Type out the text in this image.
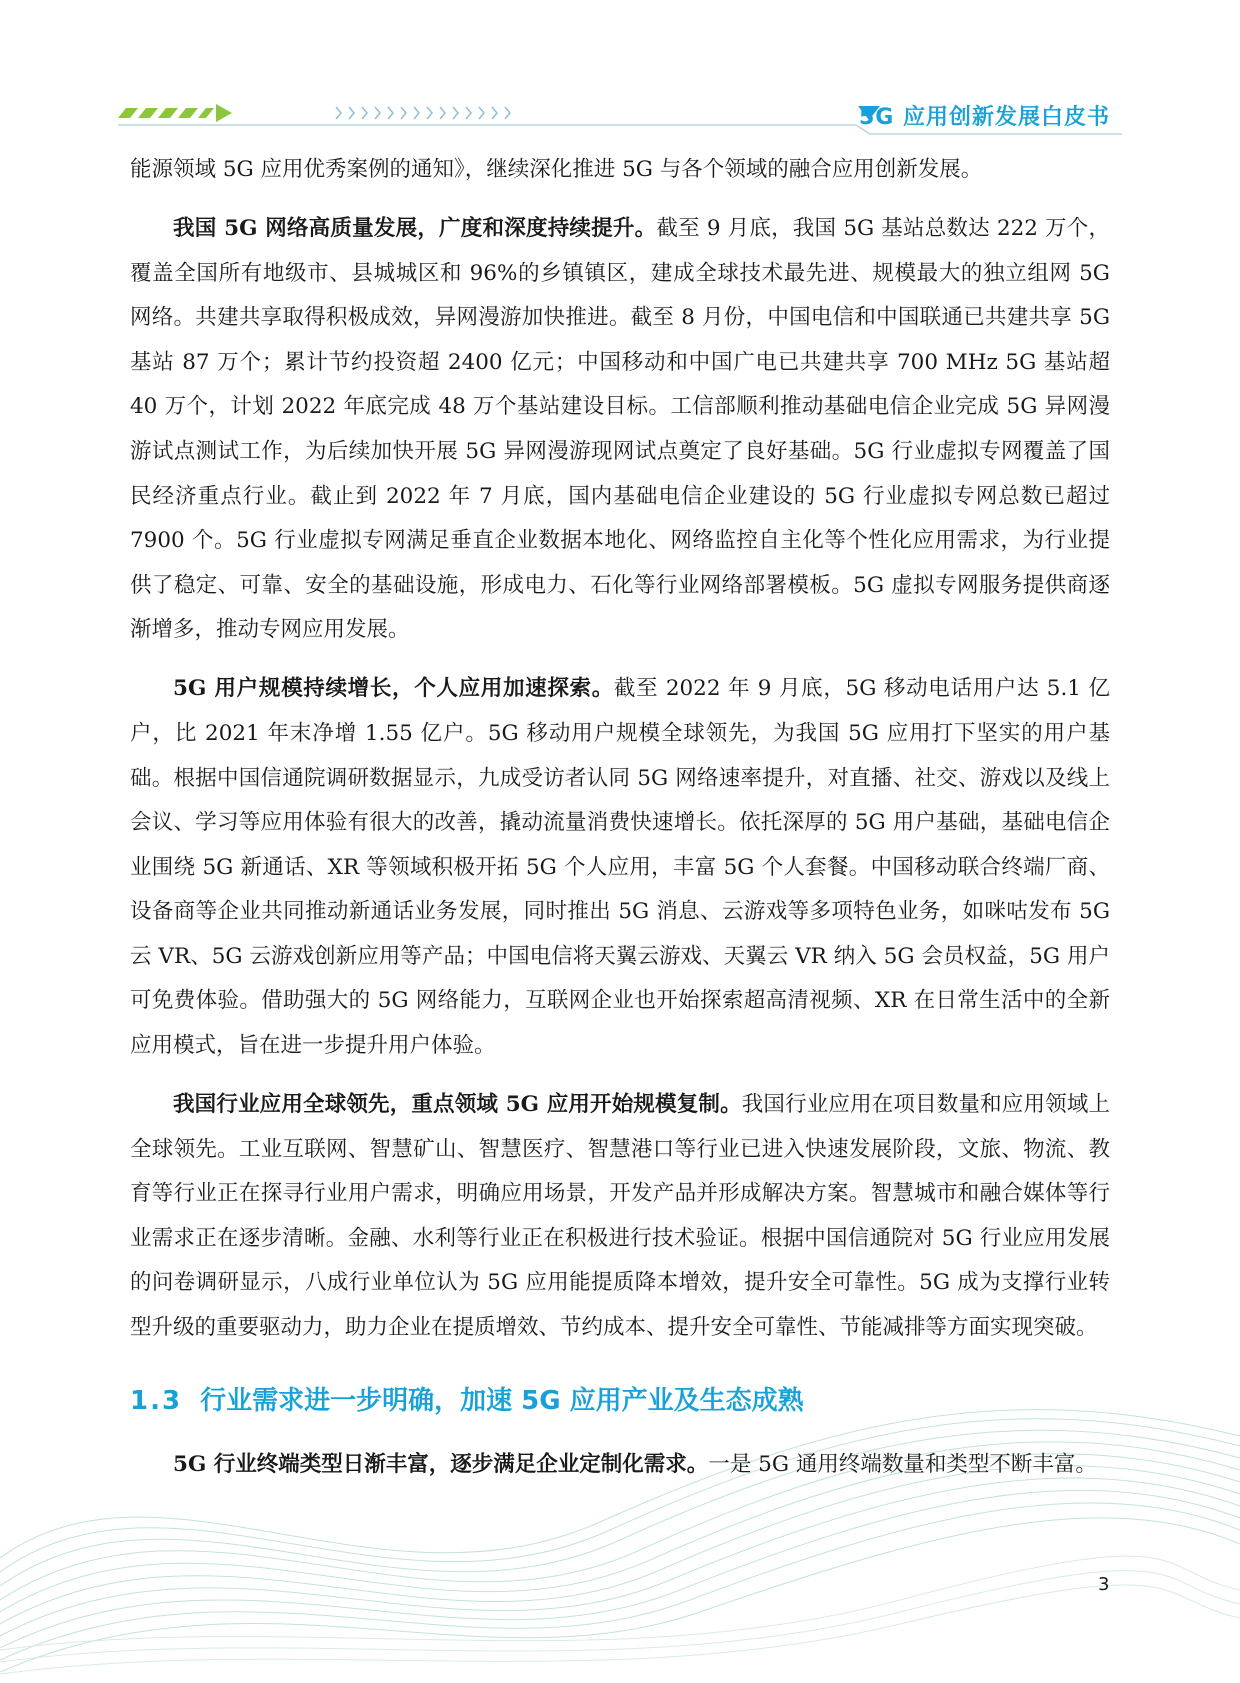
5G 应用创新发展白皮书

能源领域 5G 应用优秀案例的通知》，继续深化推进 5G 与各个领域的融合应用创新发展。

我国 5G 网络高质量发展，广度和深度持续提升。截至 9 月底，我国 5G 基站总数达 222 万个，覆盖全国所有地级市、县城城区和 96%的乡镇镇区，建成全球技术最先进、规模最大的独立组网 5G 网络。共建共享取得积极成效，异网漫游加快推进。截至 8 月份，中国电信和中国联通已共建共享 5G 基站 87 万个；累计节约投资超 2400 亿元；中国移动和中国广电已共建共享 700 MHz 5G 基站超 40 万个，计划 2022 年底完成 48 万个基站建设目标。工信部顺利推动基础电信企业完成 5G 异网漫游试点测试工作，为后续加快开展 5G 异网漫游现网试点奠定了良好基础。5G 行业虚拟专网覆盖了国民经济重点行业。截止到 2022 年 7 月底，国内基础电信企业建设的 5G 行业虚拟专网总数已超过 7900 个。5G 行业虚拟专网满足垂直企业数据本地化、网络监控自主化等个性化应用需求，为行业提供了稳定、可靠、安全的基础设施，形成电力、石化等行业网络部署模板。5G 虚拟专网服务提供商逐渐增多，推动专网应用发展。

5G 用户规模持续增长，个人应用加速探索。截至 2022 年 9 月底，5G 移动电话用户达 5.1 亿户，比 2021 年末净增 1.55 亿户。5G 移动用户规模全球领先，为我国 5G 应用打下坚实的用户基础。根据中国信通院调研数据显示，九成受访者认同 5G 网络速率提升，对直播、社交、游戏以及线上会议、学习等应用体验有很大的改善，撬动流量消费快速增长。依托深厚的 5G 用户基础，基础电信企业围绕 5G 新通话、XR 等领域积极开拓 5G 个人应用，丰富 5G 个人套餐。中国移动联合终端厂商、设备商等企业共同推动新通话业务发展，同时推出 5G 消息、云游戏等多项特色业务，如咪咕发布 5G 云 VR、5G 云游戏创新应用等产品；中国电信将天翼云游戏、天翼云 VR 纳入 5G 会员权益，5G 用户可免费体验。借助强大的 5G 网络能力，互联网企业也开始探索超高清视频、XR 在日常生活中的全新应用模式，旨在进一步提升用户体验。

我国行业应用全球领先，重点领域 5G 应用开始规模复制。我国行业应用在项目数量和应用领域上全球领先。工业互联网、智慧矿山、智慧医疗、智慧港口等行业已进入快速发展阶段，文旅、物流、教育等行业正在探寻行业用户需求，明确应用场景，开发产品并形成解决方案。智慧城市和融合媒体等行业需求正在逐步清晰。金融、水利等行业正在积极进行技术验证。根据中国信通院对 5G 行业应用发展的问卷调研显示，八成行业单位认为 5G 应用能提质降本增效，提升安全可靠性。5G 成为支撑行业转型升级的重要驱动力，助力企业在提质增效、节约成本、提升安全可靠性、节能减排等方面实现突破。

1.3 行业需求进一步明确，加速 5G 应用产业及生态成熟

5G 行业终端类型日渐丰富，逐步满足企业定制化需求。一是 5G 通用终端数量和类型不断丰富。

3
